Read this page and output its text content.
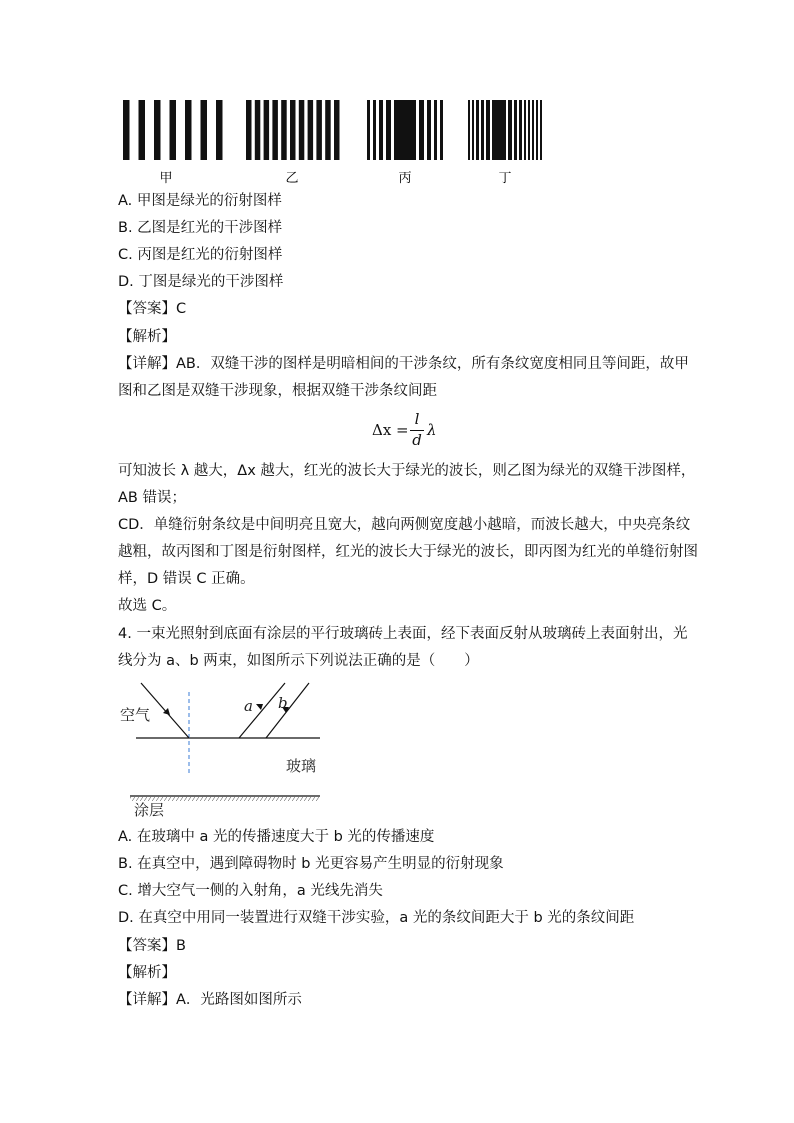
甲	乙	丙	丁
A. 甲图是绿光的衍射图样
B. 乙图是红光的干涉图样
C. 丙图是红光的衍射图样
D. 丁图是绿光的干涉图样
【答案】C
【解析】
【详解】AB．双缝干涉的图样是明暗相间的干涉条纹，所有条纹宽度相同且等间距，故甲
图和乙图是双缝干涉现象，根据双缝干涉条纹间距
Δx =
l
d
λ
可知波长 λ 越大，Δx 越大，红光的波长大于绿光的波长，则乙图为绿光的双缝干涉图样，
AB 错误；
CD．单缝衍射条纹是中间明亮且宽大，越向两侧宽度越小越暗，而波长越大，中央亮条纹
越粗，故丙图和丁图是衍射图样，红光的波长大于绿光的波长，即丙图为红光的单缝衍射图
样，D 错误 C 正确。
故选 C。
4. 一束光照射到底面有涂层的平行玻璃砖上表面，经下表面反射从玻璃砖上表面射出，光
线分为 a、b 两束，如图所示下列说法正确的是（　　）
空气	a b
玻璃
涂层
A. 在玻璃中 a 光的传播速度大于 b 光的传播速度
B. 在真空中，遇到障碍物时 b 光更容易产生明显的衍射现象
C. 增大空气一侧的入射角，a 光线先消失
D. 在真空中用同一装置进行双缝干涉实验，a 光的条纹间距大于 b 光的条纹间距
【答案】B
【解析】
【详解】A．光路图如图所示
